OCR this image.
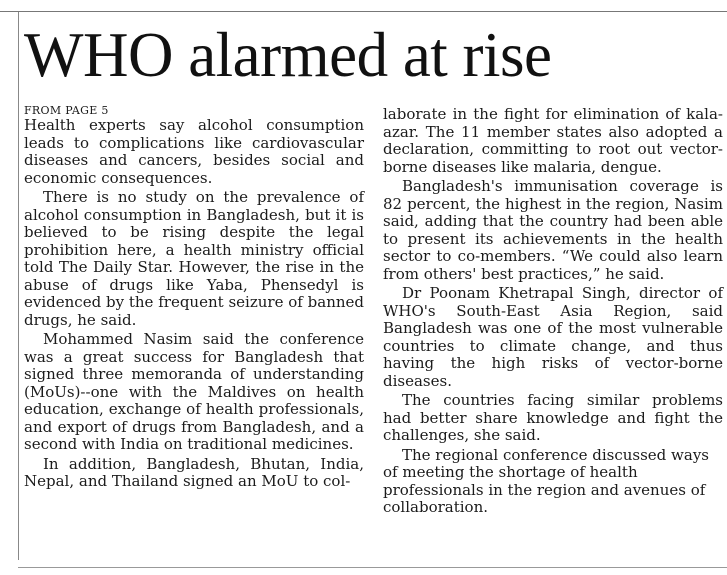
WHO alarmed at rise
FROM PAGE 5

Health experts say alcohol consumption leads to complications like cardiovascular diseases and cancers, besides social and economic consequences.

There is no study on the prevalence of alcohol consumption in Bangladesh, but it is believed to be rising despite the legal prohibition here, a health ministry official told The Daily Star. However, the rise in the abuse of drugs like Yaba, Phensedyl is evidenced by the frequent seizure of banned drugs, he said.

Mohammed Nasim said the conference was a great success for Bangladesh that signed three memoranda of understanding (MoUs)--one with the Maldives on health education, exchange of health professionals, and export of drugs from Bangladesh, and a second with India on traditional medicines.

In addition, Bangladesh, Bhutan, India, Nepal, and Thailand signed an MoU to col-

laborate in the fight for elimination of kala-azar. The 11 member states also adopted a declaration, committing to root out vector-borne diseases like malaria, dengue.

Bangladesh's immunisation coverage is 82 percent, the highest in the region, Nasim said, adding that the country had been able to present its achievements in the health sector to co-members. “We could also learn from others' best practices,” he said.

Dr Poonam Khetrapal Singh, director of WHO's South-East Asia Region, said Bangladesh was one of the most vulnerable countries to climate change, and thus having the high risks of vector-borne diseases.

The countries facing similar problems had better share knowledge and fight the challenges, she said.

The regional conference discussed ways of meeting the shortage of health professionals in the region and avenues of collaboration.
